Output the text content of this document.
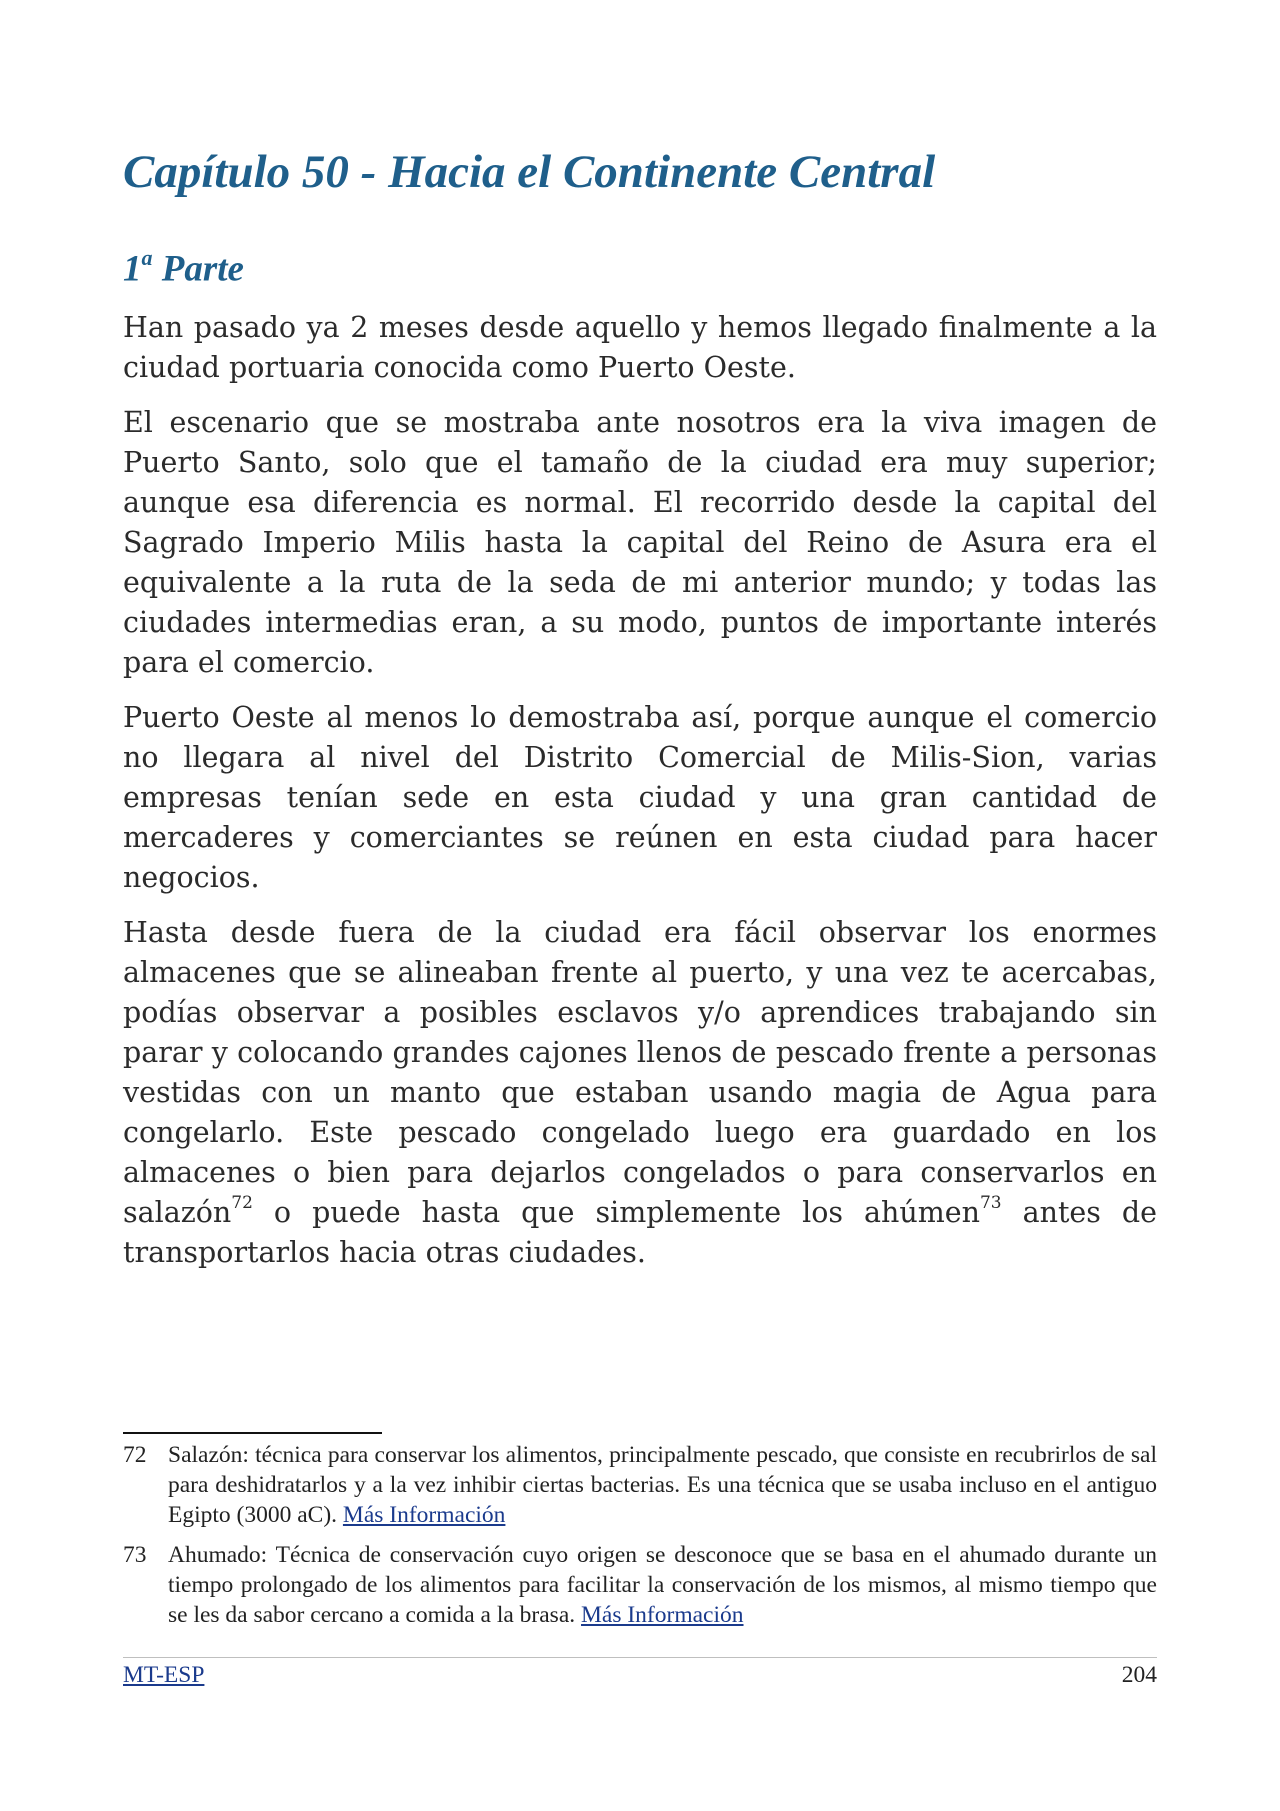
Capítulo 50 - Hacia el Continente Central
1$^a$ Parte

Han pasado ya 2 meses desde aquello y hemos llegado finalmente a la ciudad portuaria conocida como Puerto Oeste.

El escenario que se mostraba ante nosotros era la viva imagen de Puerto Santo, solo que el tamaño de la ciudad era muy superior; aunque esa diferencia es normal. El recorrido desde la capital del Sagrado Imperio Milis hasta la capital del Reino de Asura era el equivalente a la ruta de la seda de mi anterior mundo; y todas las ciudades intermedias eran, a su modo, puntos de importante interés para el comercio.

Puerto Oeste al menos lo demostraba así, porque aunque el comercio no llegara al nivel del Distrito Comercial de Milis-Sion, varias empresas tenían sede en esta ciudad y una gran cantidad de mercaderes y comerciantes se reúnen en esta ciudad para hacer negocios.

Hasta desde fuera de la ciudad era fácil observar los enormes almacenes que se alineaban frente al puerto, y una vez te acercabas, podías observar a posibles esclavos y/o aprendices trabajando sin parar y colocando grandes cajones llenos de pescado frente a personas vestidas con un manto que estaban usando magia de Agua para congelarlo. Este pescado congelado luego era guardado en los almacenes o bien para dejarlos congelados o para conservarlos en salazón$^{72}$ o puede hasta que simplemente los ahúmen$^{73}$ antes de transportarlos hacia otras ciudades.

72 Salazón: técnica para conservar los alimentos, principalmente pescado, que consiste en recubrirlos de sal para deshidratarlos y a la vez inhibir ciertas bacterias. Es una técnica que se usaba incluso en el antiguo Egipto (3000 aC). Más Información
73 Ahumado: Técnica de conservación cuyo origen se desconoce que se basa en el ahumado durante un tiempo prolongado de los alimentos para facilitar la conservación de los mismos, al mismo tiempo que se les da sabor cercano a comida a la brasa. Más Información
MT-ESP	204
